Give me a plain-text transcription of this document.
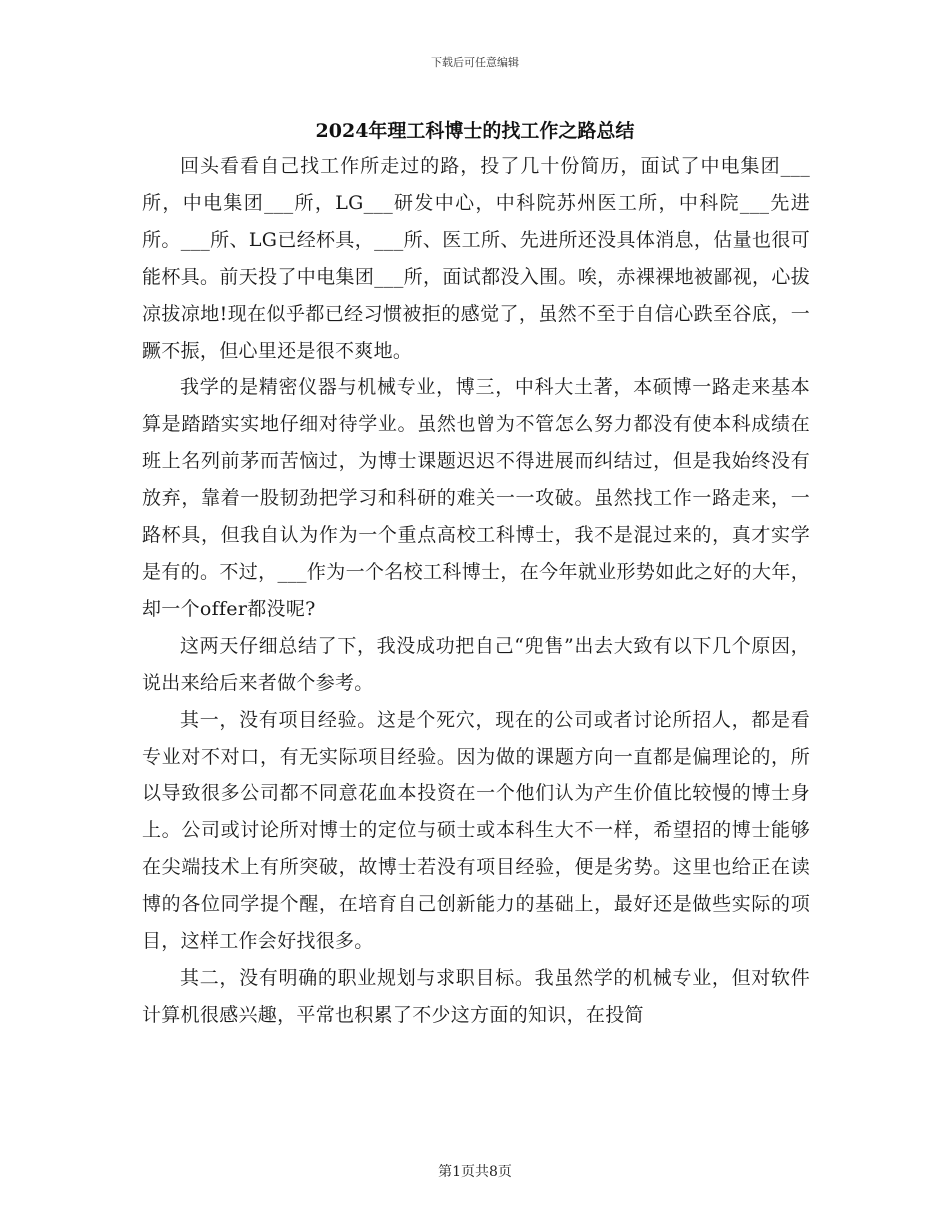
下载后可任意编辑
2024年理工科博士的找工作之路总结

回头看看自己找工作所走过的路，投了几十份简历，面试了中电集团___所，中电集团___所，LG___研发中心，中科院苏州医工所，中科院___先进所。___所、LG已经杯具，___所、医工所、先进所还没具体消息，估量也很可能杯具。前天投了中电集团___所，面试都没入围。唉，赤裸裸地被鄙视，心拔凉拔凉地!现在似乎都已经习惯被拒的感觉了，虽然不至于自信心跌至谷底，一蹶不振，但心里还是很不爽地。

我学的是精密仪器与机械专业，博三，中科大土著，本硕博一路走来基本算是踏踏实实地仔细对待学业。虽然也曾为不管怎么努力都没有使本科成绩在班上名列前茅而苦恼过，为博士课题迟迟不得进展而纠结过，但是我始终没有放弃，靠着一股韧劲把学习和科研的难关一一攻破。虽然找工作一路走来，一路杯具，但我自认为作为一个重点高校工科博士，我不是混过来的，真才实学是有的。不过，___作为一个名校工科博士，在今年就业形势如此之好的大年，却一个offer都没呢?

这两天仔细总结了下，我没成功把自己“兜售”出去大致有以下几个原因，说出来给后来者做个参考。

其一，没有项目经验。这是个死穴，现在的公司或者讨论所招人，都是看专业对不对口，有无实际项目经验。因为做的课题方向一直都是偏理论的，所以导致很多公司都不同意花血本投资在一个他们认为产生价值比较慢的博士身上。公司或讨论所对博士的定位与硕士或本科生大不一样，希望招的博士能够在尖端技术上有所突破，故博士若没有项目经验，便是劣势。这里也给正在读博的各位同学提个醒，在培育自己创新能力的基础上，最好还是做些实际的项目，这样工作会好找很多。

其二，没有明确的职业规划与求职目标。我虽然学的机械专业，但对软件计算机很感兴趣，平常也积累了不少这方面的知识，在投简

第1页共8页
